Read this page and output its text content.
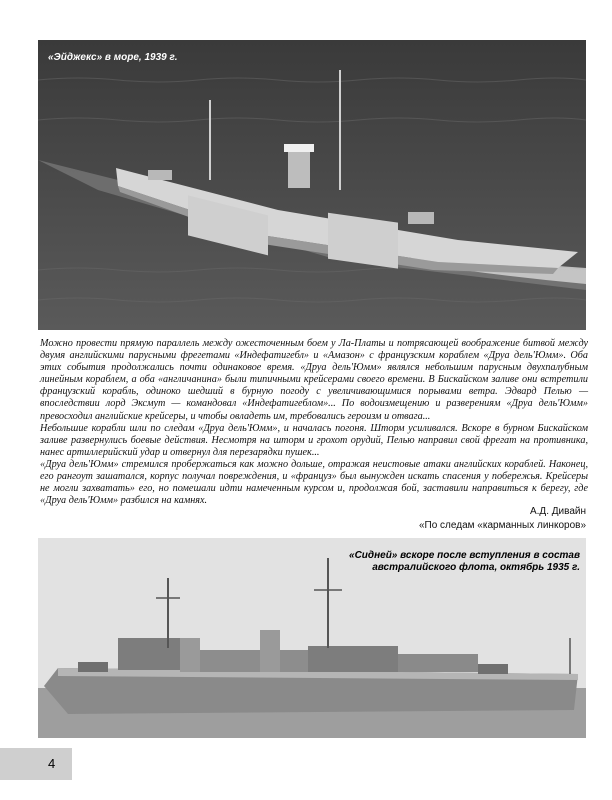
«Эйджекс» в море, 1939 г.

Можно провести прямую параллель между ожесточенным боем у Ла-Платы и потрясающей воображение битвой между двумя английскими парусными фрегетами «Индефатигебл» и «Амазон» с французским кораблем «Друа дель'Юмм». Оба этих события продолжались почти одинаковое время. «Друа дель'Юмм» являлся небольшим парусным двухпалубным линейным кораблем, а оба «англичанина» были типичными крейсерами своего времени. В Бискайском заливе они встретили французский корабль, одиноко шедший в бурную погоду с увеличивающимися порывами ветра. Эдвард Пелью — впоследствии лорд Эксмут — командовал «Индефатигеблом»... По водоизмещению и разверениям «Друа дель'Юмм» превосходил английские крейсеры, и чтобы овладеть им, требовались героизм и отвага...

Небольшие корабли шли по следам «Друа дель'Юмм», и началась погоня. Шторм усиливался. Вскоре в бурном Бискайском заливе развернулись боевые действия. Несмотря на шторм и грохот орудий, Пелью направил свой фрегат на противника, нанес артиллерийский удар и отвернул для перезарядки пушек...

«Друа дель'Юмм» стремился пробержаться как можно дольше, отражая неистовые атаки английских кораблей. Наконец, его рангоут зашатался, корпус получал повреждения, и «француз» был вынужден искать спасения у побережья. Крейсеры не могли захватать» его, но помешали идти намеченным курсом и, продолжая бой, заставили направиться к берегу, где «Друа дель'Юмм» разбился на камнях.

А.Д. Дивайн
«По следам «карманных линкоров»
«Сидней» вскоре после вступления в состав
австралийского флота, октябрь 1935 г.
4
